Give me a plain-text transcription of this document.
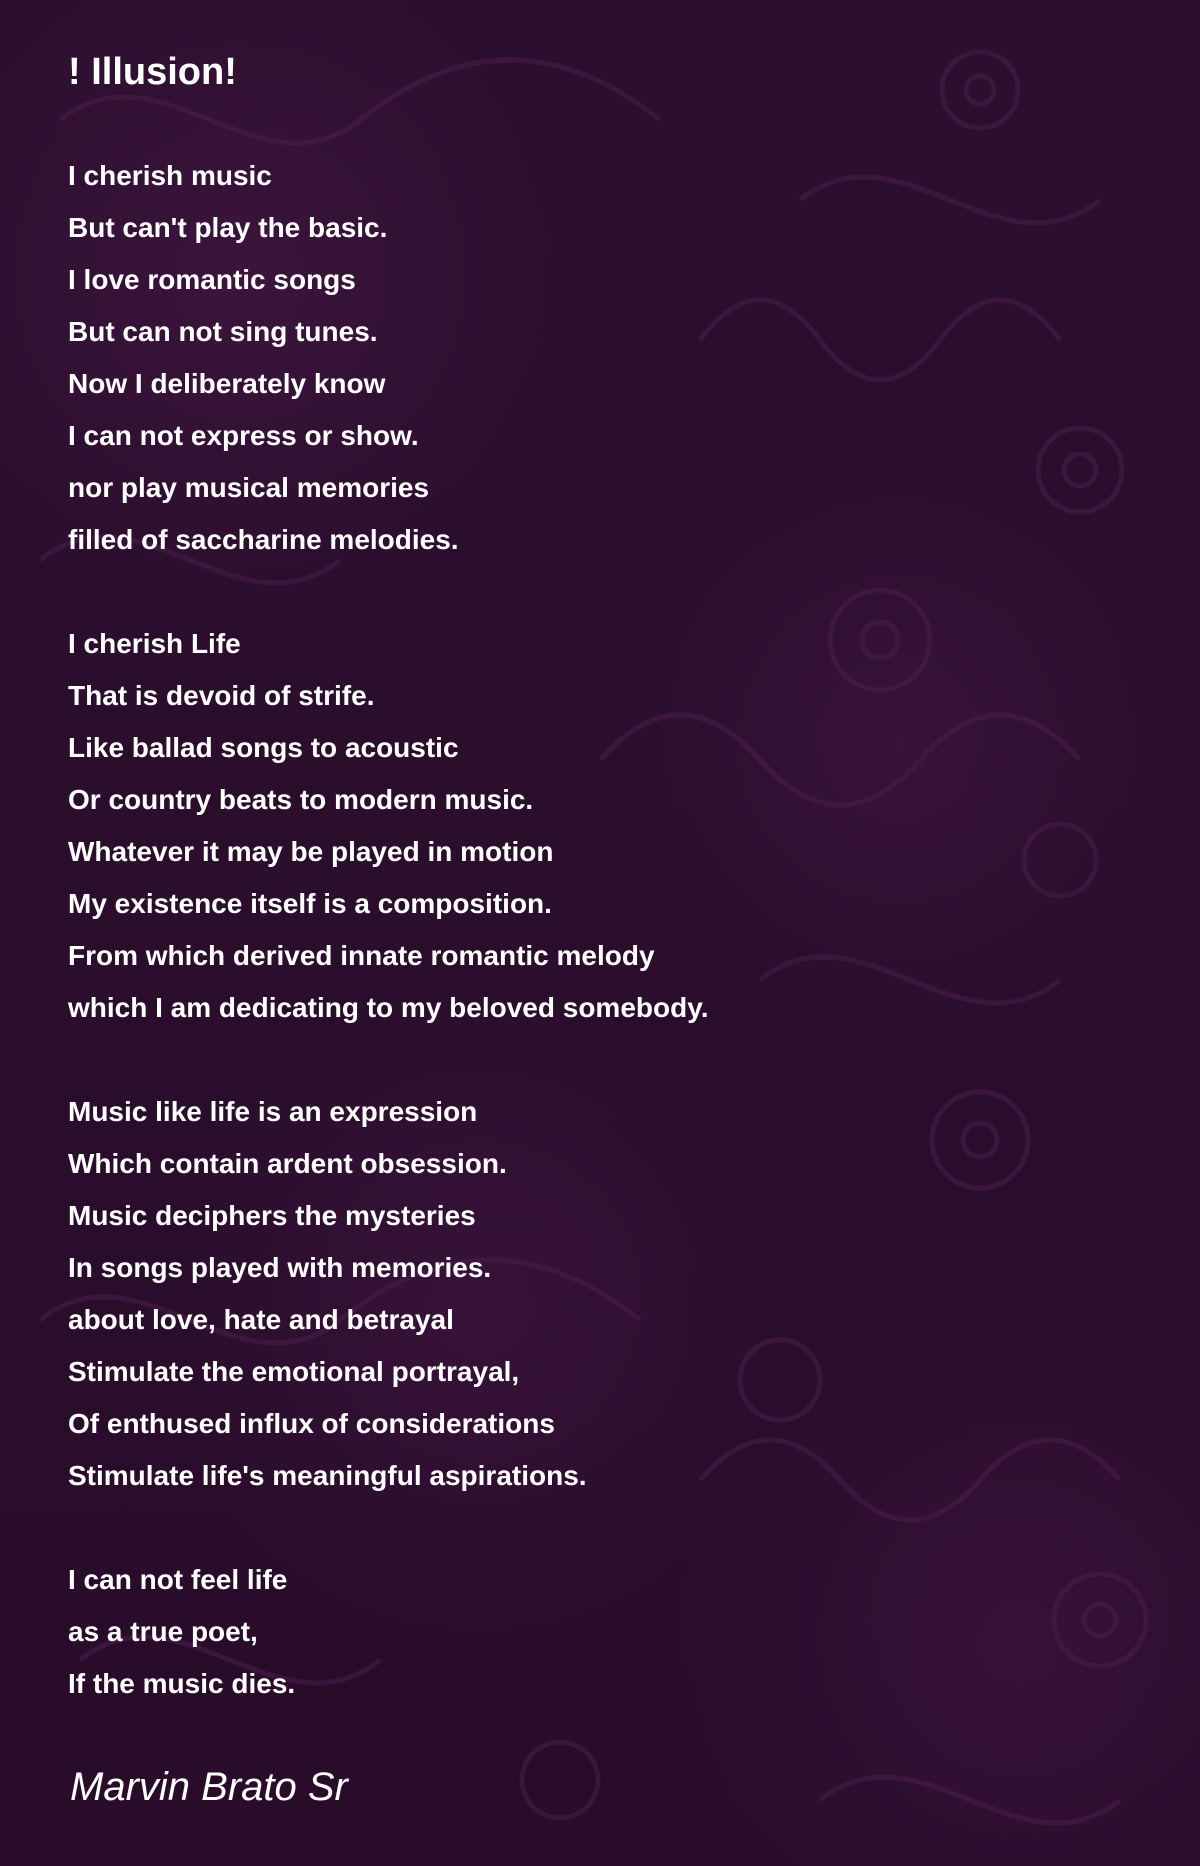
! Illusion!
I cherish music
But can't play the basic.
I love romantic songs
But can not sing tunes.
Now I deliberately know
I can not express or show.
nor play musical memories
filled of saccharine melodies.
I cherish Life
That is devoid of strife.
Like ballad songs to acoustic
Or country beats to modern music.
Whatever it may be played in motion
My existence itself is a composition.
From which derived innate romantic melody
which I am dedicating to my beloved somebody.
Music like life is an expression
Which contain ardent obsession.
Music deciphers the mysteries
In songs played with memories.
about love, hate and betrayal
Stimulate the emotional portrayal,
Of enthused influx of considerations
Stimulate life's meaningful aspirations.
I can not feel life
as a true poet,
If the music dies.
Marvin Brato Sr
